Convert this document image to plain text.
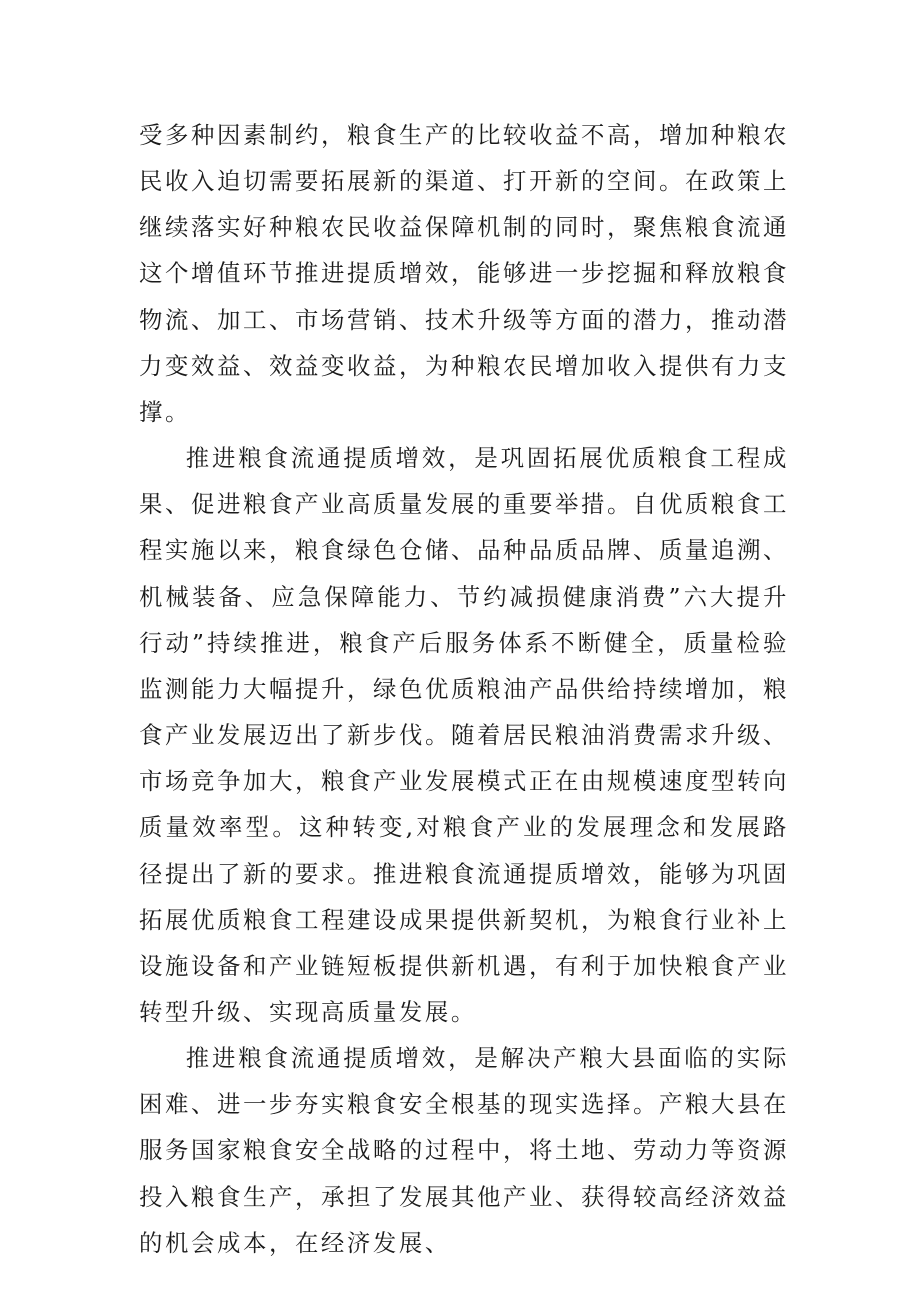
受多种因素制约，粮食生产的比较收益不高，增加种粮农民收入迫切需要拓展新的渠道、打开新的空间。在政策上继续落实好种粮农民收益保障机制的同时，聚焦粮食流通这个增值环节推进提质增效，能够进一步挖掘和释放粮食物流、加工、市场营销、技术升级等方面的潜力，推动潜力变效益、效益变收益，为种粮农民增加收入提供有力支撑。

推进粮食流通提质增效，是巩固拓展优质粮食工程成果、促进粮食产业高质量发展的重要举措。自优质粮食工程实施以来，粮食绿色仓储、品种品质品牌、质量追溯、机械装备、应急保障能力、节约减损健康消费”六大提升行动”持续推进，粮食产后服务体系不断健全，质量检验监测能力大幅提升，绿色优质粮油产品供给持续增加，粮食产业发展迈出了新步伐。随着居民粮油消费需求升级、市场竞争加大，粮食产业发展模式正在由规模速度型转向质量效率型。这种转变,对粮食产业的发展理念和发展路径提出了新的要求。推进粮食流通提质增效，能够为巩固拓展优质粮食工程建设成果提供新契机，为粮食行业补上设施设备和产业链短板提供新机遇，有利于加快粮食产业转型升级、实现高质量发展。

推进粮食流通提质增效，是解决产粮大县面临的实际困难、进一步夯实粮食安全根基的现实选择。产粮大县在服务国家粮食安全战略的过程中，将土地、劳动力等资源投入粮食生产，承担了发展其他产业、获得较高经济效益的机会成本，在经济发展、
